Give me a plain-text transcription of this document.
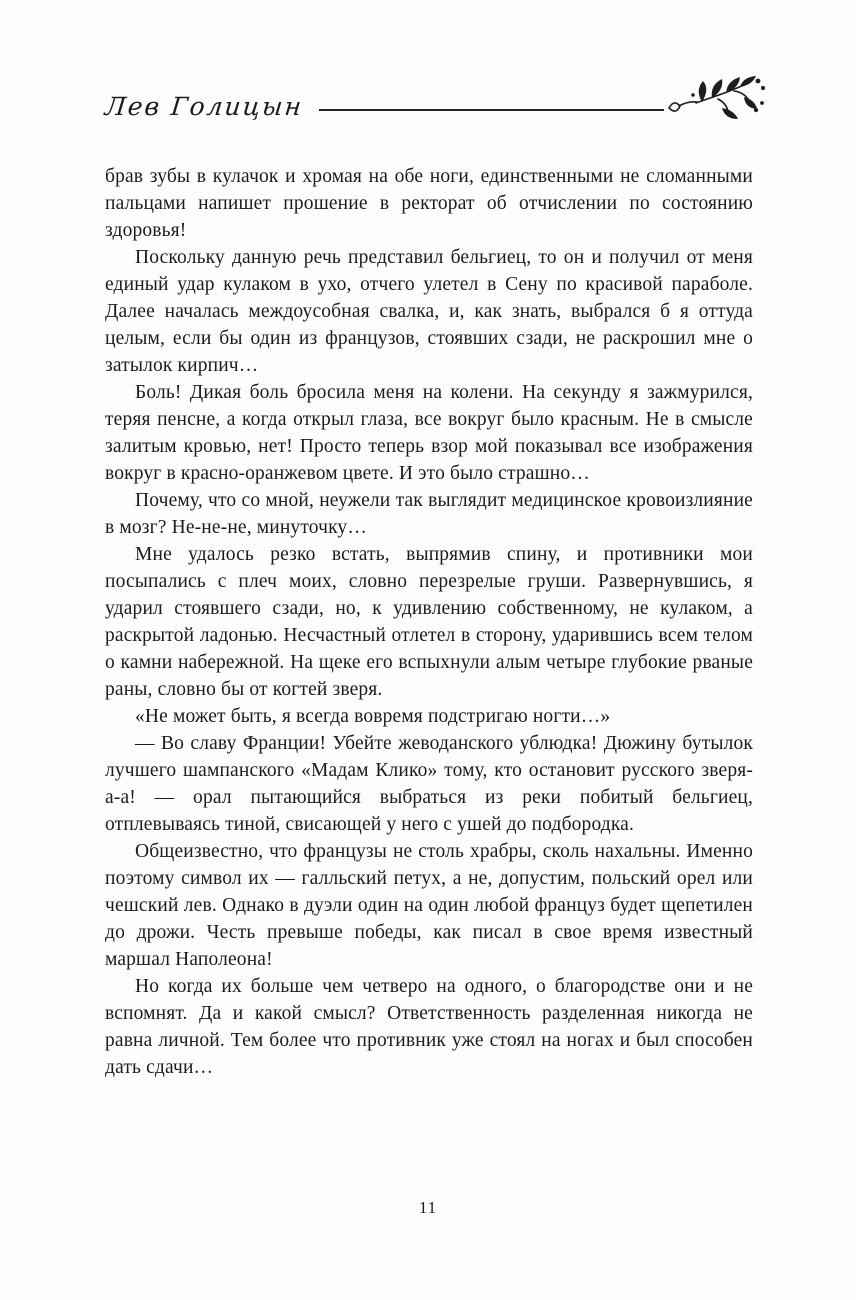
Лев Голицын

брав зубы в кулачок и хромая на обе ноги, единственными не сломанными пальцами напишет прошение в ректорат об отчислении по состоянию здоровья!

Поскольку данную речь представил бельгиец, то он и получил от меня единый удар кулаком в ухо, отчего улетел в Сену по красивой параболе. Далее началась междоусобная свалка, и, как знать, выбрался б я оттуда целым, если бы один из французов, стоявших сзади, не раскрошил мне о затылок кирпич…

Боль! Дикая боль бросила меня на колени. На секунду я зажмурился, теряя пенсне, а когда открыл глаза, все вокруг было красным. Не в смысле залитым кровью, нет! Просто теперь взор мой показывал все изображения вокруг в красно-оранжевом цвете. И это было страшно…

Почему, что со мной, неужели так выглядит медицинское кровоизлияние в мозг? Не-не-не, минуточку…

Мне удалось резко встать, выпрямив спину, и противники мои посыпались с плеч моих, словно перезрелые груши. Развернувшись, я ударил стоявшего сзади, но, к удивлению собственному, не кулаком, а раскрытой ладонью. Несчастный отлетел в сторону, ударившись всем телом о камни набережной. На щеке его вспыхнули алым четыре глубокие рваные раны, словно бы от когтей зверя.

«Не может быть, я всегда вовремя подстригаю ногти…»

— Во славу Франции! Убейте жеводанского ублюдка! Дюжину бутылок лучшего шампанского «Мадам Клико» тому, кто остановит русского зверя-а-а! — орал пытающийся выбраться из реки побитый бельгиец, отплевываясь тиной, свисающей у него с ушей до подбородка.

Общеизвестно, что французы не столь храбры, сколь нахальны. Именно поэтому символ их — галльский петух, а не, допустим, польский орел или чешский лев. Однако в дуэли один на один любой француз будет щепетилен до дрожи. Честь превыше победы, как писал в свое время известный маршал Наполеона!

Но когда их больше чем четверо на одного, о благородстве они и не вспомнят. Да и какой смысл? Ответственность разделенная никогда не равна личной. Тем более что противник уже стоял на ногах и был способен дать сдачи…

11
